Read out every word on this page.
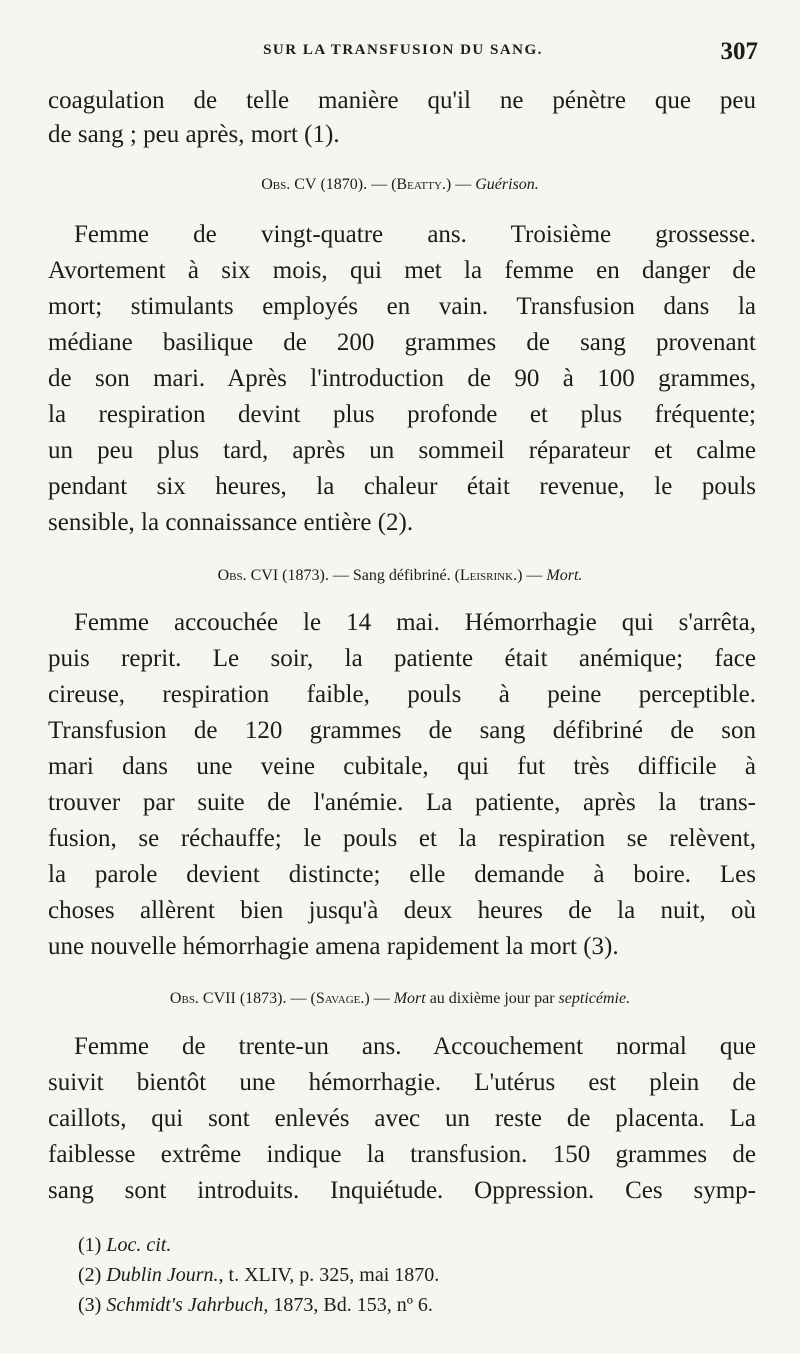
SUR LA TRANSFUSION DU SANG.	307
coagulation de telle manière qu'il ne pénètre que peu
de sang ; peu après, mort (1).
Obs. CV (1870). — (Beatty.) — Guérison.
Femme de vingt-quatre ans. Troisième grossesse.
Avortement à six mois, qui met la femme en danger de
mort; stimulants employés en vain. Transfusion dans la
médiane basilique de 200 grammes de sang provenant
de son mari. Après l'introduction de 90 à 100 grammes,
la respiration devint plus profonde et plus fréquente;
un peu plus tard, après un sommeil réparateur et calme
pendant six heures, la chaleur était revenue, le pouls
sensible, la connaissance entière (2).
Obs. CVI (1873). — Sang défibriné. (Leisrink.) — Mort.
Femme accouchée le 14 mai. Hémorrhagie qui s'arrêta,
puis reprit. Le soir, la patiente était anémique; face
cireuse, respiration faible, pouls à peine perceptible.
Transfusion de 120 grammes de sang défibriné de son
mari dans une veine cubitale, qui fut très difficile à
trouver par suite de l'anémie. La patiente, après la trans-
fusion, se réchauffe; le pouls et la respiration se relèvent,
la parole devient distincte; elle demande à boire. Les
choses allèrent bien jusqu'à deux heures de la nuit, où
une nouvelle hémorrhagie amena rapidement la mort (3).
Obs. CVII (1873). — (Savage.) — Mort au dixième jour par septicémie.
Femme de trente-un ans. Accouchement normal que
suivit bientôt une hémorrhagie. L'utérus est plein de
caillots, qui sont enlevés avec un reste de placenta. La
faiblesse extrême indique la transfusion. 150 grammes de
sang sont introduits. Inquiétude. Oppression. Ces symp-
(1) Loc. cit.
(2) Dublin Journ., t. XLIV, p. 325, mai 1870.
(3) Schmidt's Jahrbuch, 1873, Bd. 153, nº 6.
